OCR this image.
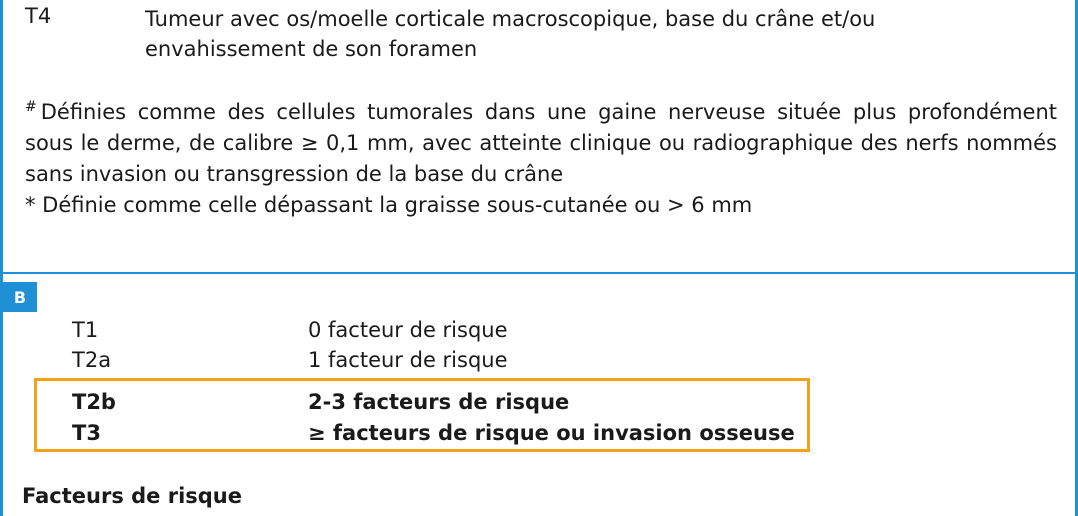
T4	Tumeur avec os/moelle corticale macroscopique, base du crâne et/ou envahissement de son foramen
# Définies comme des cellules tumorales dans une gaine nerveuse située plus profondément sous le derme, de calibre ≥ 0,1 mm, avec atteinte clinique ou radiographique des nerfs nommés sans invasion ou transgression de la base du crâne
* Définie comme celle dépassant la graisse sous-cutanée ou > 6 mm
B
T1	0 facteur de risque
T2a	1 facteur de risque
T2b	2-3 facteurs de risque
T3	≥ facteurs de risque ou invasion osseuse
Facteurs de risque
